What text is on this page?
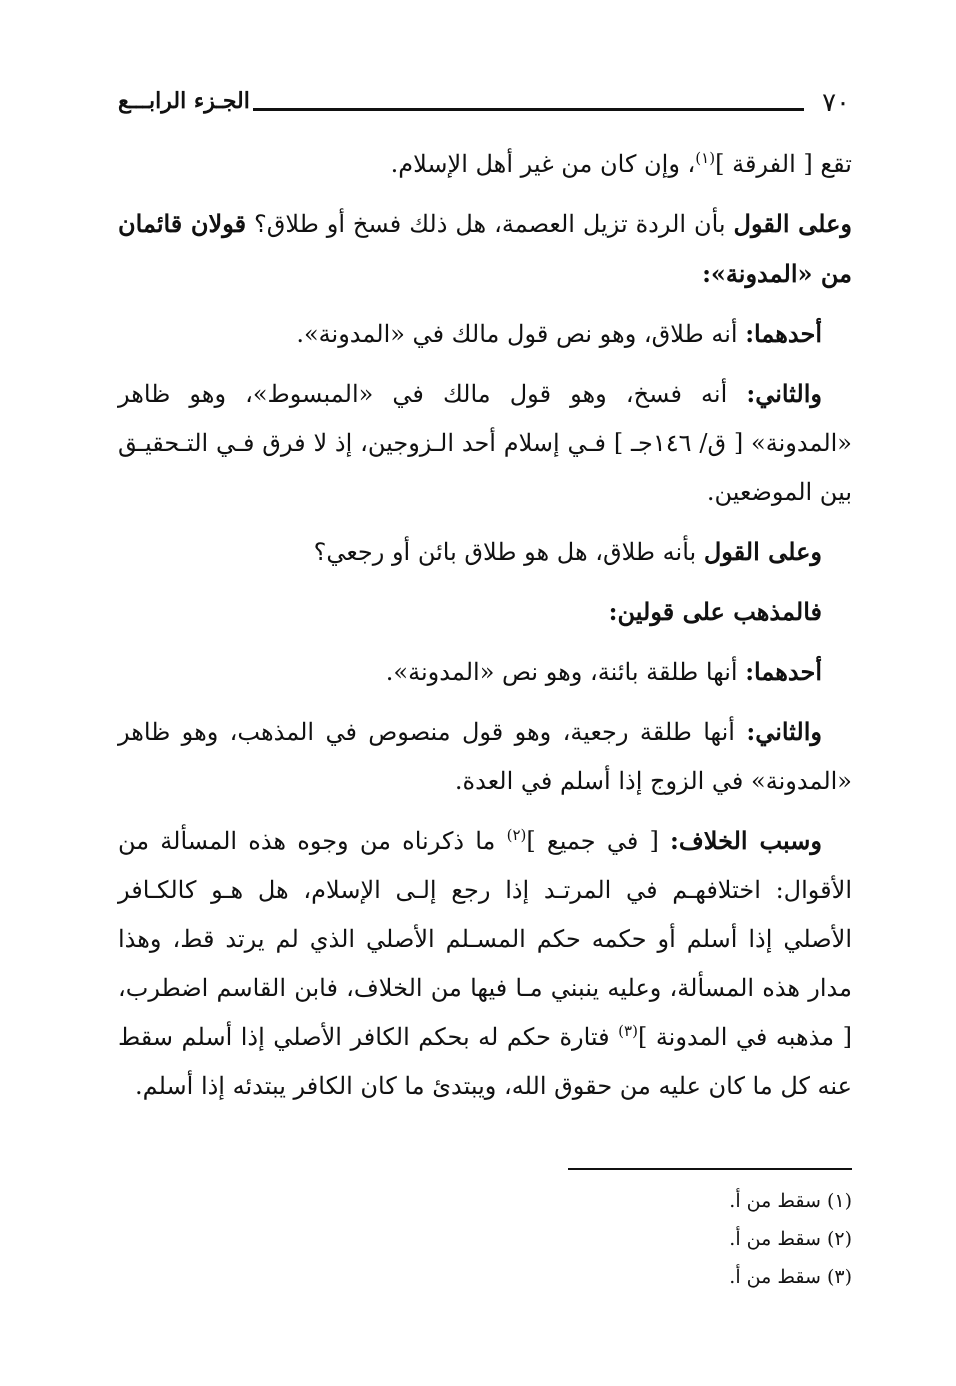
٧٠
الجـزء الرابـــع

تقع [ الفرقة ]$^{(١)}$، وإن كان من غير أهل الإسلام.

وعلى القول بأن الردة تزيل العصمة، هل ذلك فسخ أو طلاق؟ قولان قائمان من «المدونة»:

أحدهما: أنه طلاق، وهو نص قول مالك في «المدونة».

والثاني: أنه فسخ، وهو قول مالك في «المبسوط»، وهو ظاهر «المدونة» [ ق/ ١٤٦جـ ] فـي إسلام أحد الـزوجين، إذ لا فرق فـي التـحقيـق بين الموضعين.

وعلى القول بأنه طلاق، هل هو طلاق بائن أو رجعي؟

فالمذهب على قولين:

أحدهما: أنها طلقة بائنة، وهو نص «المدونة».

والثاني: أنها طلقة رجعية، وهو قول منصوص في المذهب، وهو ظاهر «المدونة» في الزوج إذا أسلم في العدة.

وسبب الخلاف: [ في جميع ]$^{(٢)}$ ما ذكرناه من وجوه هذه المسألة من الأقوال: اختلافهـم في المرتـد إذا رجع إلـى الإسلام، هل هـو كالكـافر الأصلي إذا أسلم أو حكمه حكم المسـلم الأصلي الذي لم يرتد قط، وهذا مدار هذه المسألة، وعليه ينبني مـا فيها من الخلاف، فابن القاسم اضطرب، [ مذهبه في المدونة ]$^{(٣)}$ فتارة حكم له بحكم الكافر الأصلي إذا أسلم سقط عنه كل ما كان عليه من حقوق الله، ويبتدئ ما كان الكافر يبتدئه إذا أسلم.

(١) سقط من أ.

(٢) سقط من أ.

(٣) سقط من أ.
